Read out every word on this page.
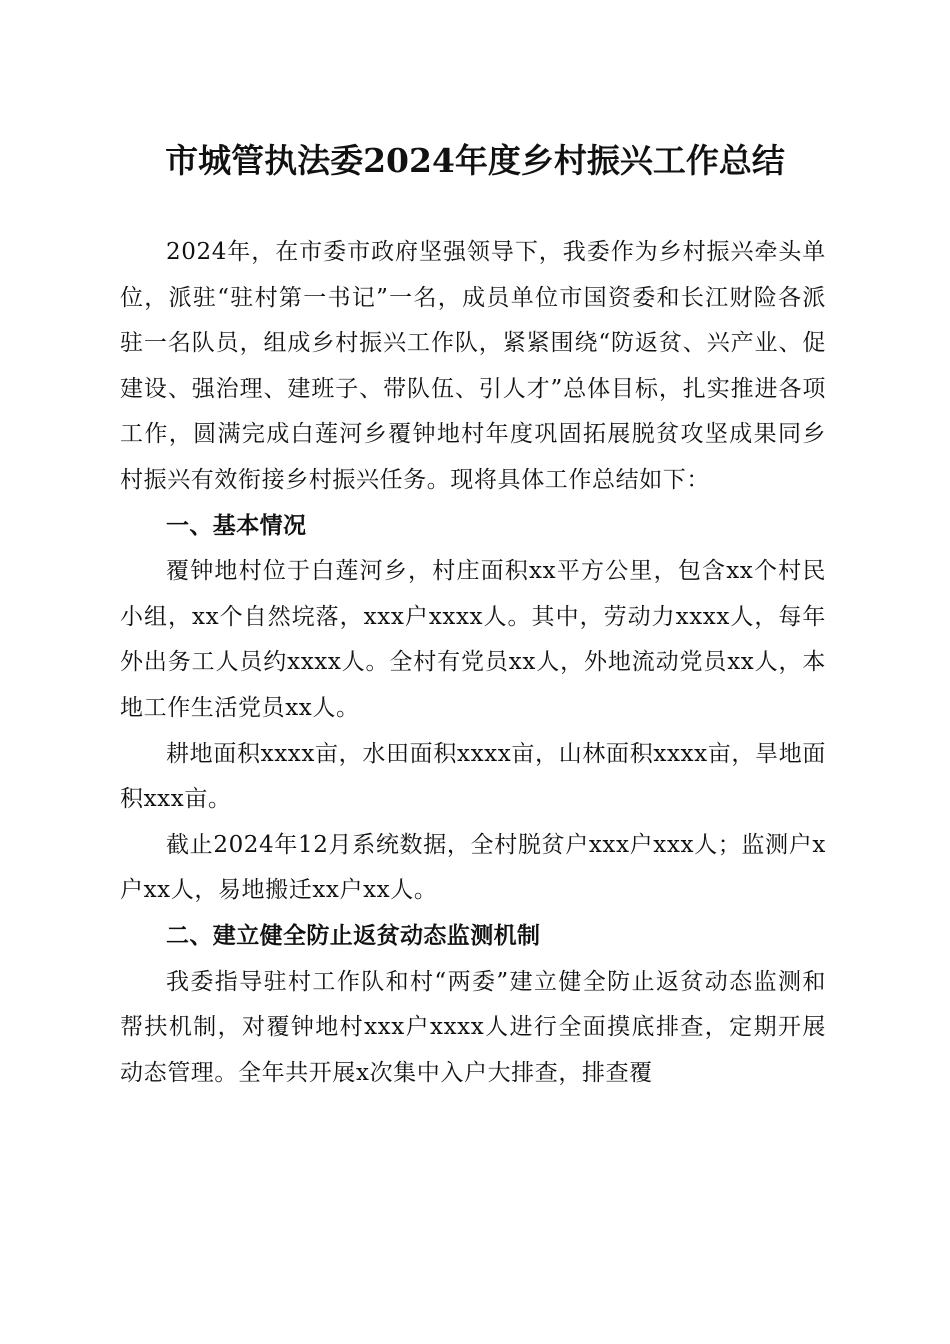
市城管执法委2024年度乡村振兴工作总结

2024年，在市委市政府坚强领导下，我委作为乡村振兴牵头单位，派驻“驻村第一书记”一名，成员单位市国资委和长江财险各派驻一名队员，组成乡村振兴工作队，紧紧围绕“防返贫、兴产业、促建设、强治理、建班子、带队伍、引人才”总体目标，扎实推进各项工作，圆满完成白莲河乡覆钟地村年度巩固拓展脱贫攻坚成果同乡村振兴有效衔接乡村振兴任务。现将具体工作总结如下：

一、基本情况

覆钟地村位于白莲河乡，村庄面积xx平方公里，包含xx个村民小组，xx个自然垸落，xxx户xxxx人。其中，劳动力xxxx人，每年外出务工人员约xxxx人。全村有党员xx人，外地流动党员xx人，本地工作生活党员xx人。

耕地面积xxxx亩，水田面积xxxx亩，山林面积xxxx亩，旱地面积xxx亩。

截止2024年12月系统数据，全村脱贫户xxx户xxx人；监测户x户xx人，易地搬迁xx户xx人。

二、建立健全防止返贫动态监测机制

我委指导驻村工作队和村“两委”建立健全防止返贫动态监测和帮扶机制，对覆钟地村xxx户xxxx人进行全面摸底排查，定期开展动态管理。全年共开展x次集中入户大排查，排查覆
